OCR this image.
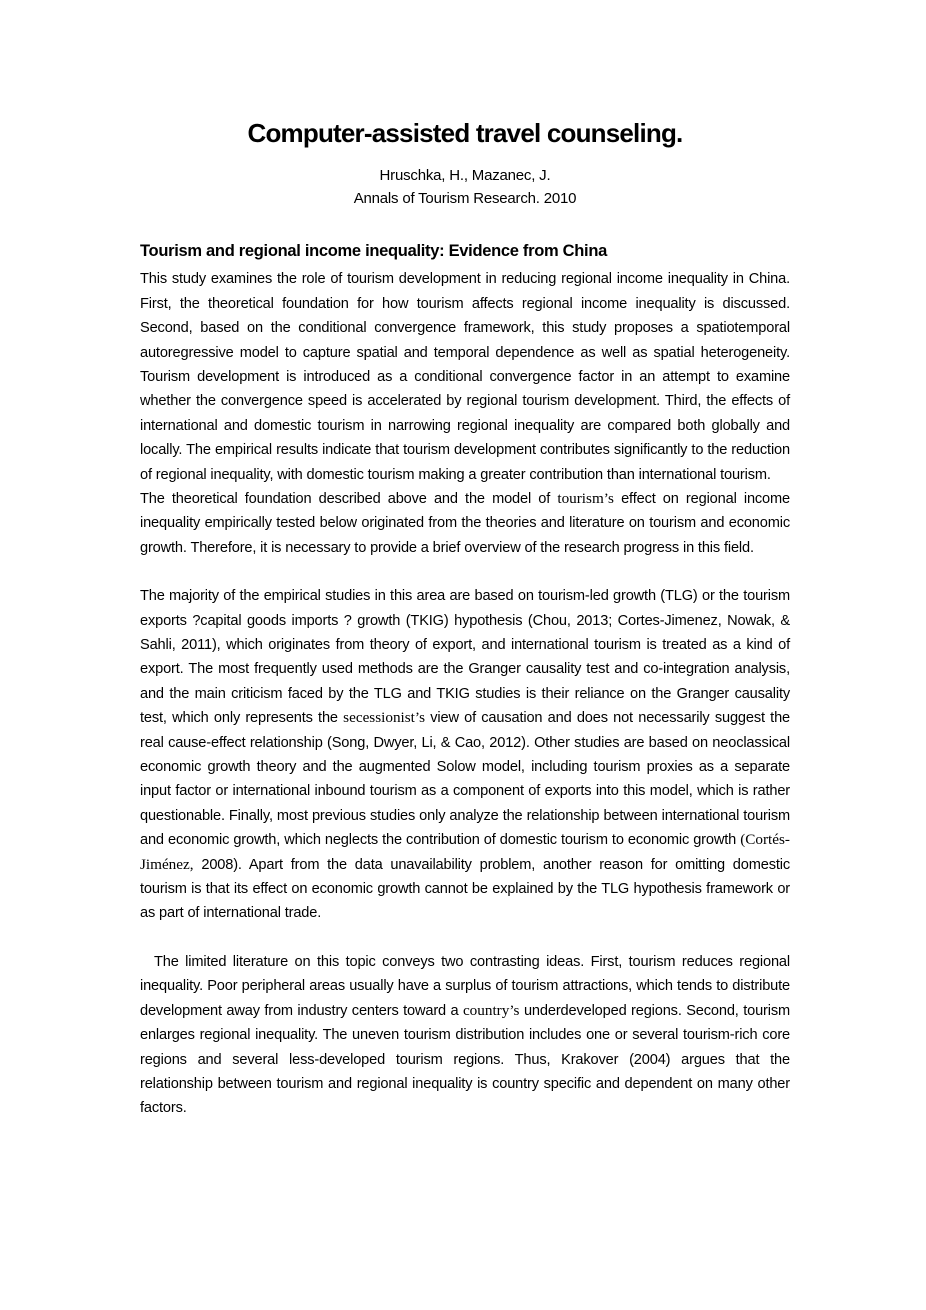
Computer-assisted travel counseling.
Hruschka, H., Mazanec, J.
Annals of Tourism Research. 2010
Tourism and regional income inequality: Evidence from China

This study examines the role of tourism development in reducing regional income inequality in China. First, the theoretical foundation for how tourism affects regional income inequality is discussed. Second, based on the conditional convergence framework, this study proposes a spatiotemporal autoregressive model to capture spatial and temporal dependence as well as spatial heterogeneity. Tourism development is introduced as a conditional convergence factor in an attempt to examine whether the convergence speed is accelerated by regional tourism development. Third, the effects of international and domestic tourism in narrowing regional inequality are compared both globally and locally. The empirical results indicate that tourism development contributes significantly to the reduction of regional inequality, with domestic tourism making a greater contribution than international tourism.

The theoretical foundation described above and the model of tourism’s effect on regional income inequality empirically tested below originated from the theories and literature on tourism and economic growth. Therefore, it is necessary to provide a brief overview of the research progress in this field.

The majority of the empirical studies in this area are based on tourism-led growth (TLG) or the tourism exports ?capital goods imports ? growth (TKIG) hypothesis (Chou, 2013; Cortes-Jimenez, Nowak, & Sahli, 2011), which originates from theory of export, and international tourism is treated as a kind of export. The most frequently used methods are the Granger causality test and co-integration analysis, and the main criticism faced by the TLG and TKIG studies is their reliance on the Granger causality test, which only represents the secessionist’s view of causation and does not necessarily suggest the real cause-effect relationship (Song, Dwyer, Li, & Cao, 2012). Other studies are based on neoclassical economic growth theory and the augmented Solow model, including tourism proxies as a separate input factor or international inbound tourism as a component of exports into this model, which is rather questionable. Finally, most previous studies only analyze the relationship between international tourism and economic growth, which neglects the contribution of domestic tourism to economic growth (Cortés-Jiménez, 2008). Apart from the data unavailability problem, another reason for omitting domestic tourism is that its effect on economic growth cannot be explained by the TLG hypothesis framework or as part of international trade.

The limited literature on this topic conveys two contrasting ideas. First, tourism reduces regional inequality. Poor peripheral areas usually have a surplus of tourism attractions, which tends to distribute development away from industry centers toward a country’s underdeveloped regions. Second, tourism enlarges regional inequality. The uneven tourism distribution includes one or several tourism-rich core regions and several less-developed tourism regions. Thus, Krakover (2004) argues that the relationship between tourism and regional inequality is country specific and dependent on many other factors.
